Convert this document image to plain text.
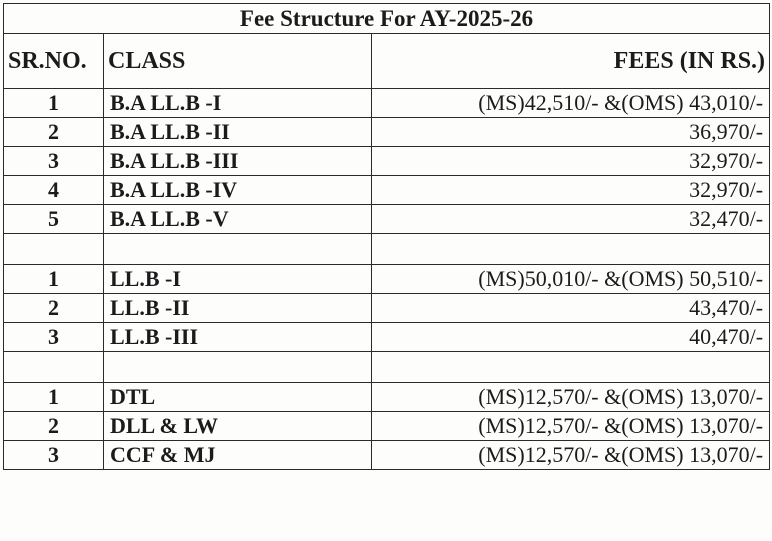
Fee Structure For AY-2025-26		
SR.NO.	CLASS	FEES (IN RS.)
1	B.A LL.B -I	(MS)42,510/- &(OMS) 43,010/-
2	B.A LL.B -II	36,970/-
3	B.A LL.B -III	32,970/-
4	B.A LL.B -IV	32,970/-
5	B.A LL.B -V	32,470/-

1	LL.B -I	(MS)50,010/- &(OMS) 50,510/-
2	LL.B -II	43,470/-
3	LL.B -III	40,470/-

1	DTL	(MS)12,570/- &(OMS) 13,070/-
2	DLL & LW	(MS)12,570/- &(OMS) 13,070/-
3	CCF & MJ	(MS)12,570/- &(OMS) 13,070/-
